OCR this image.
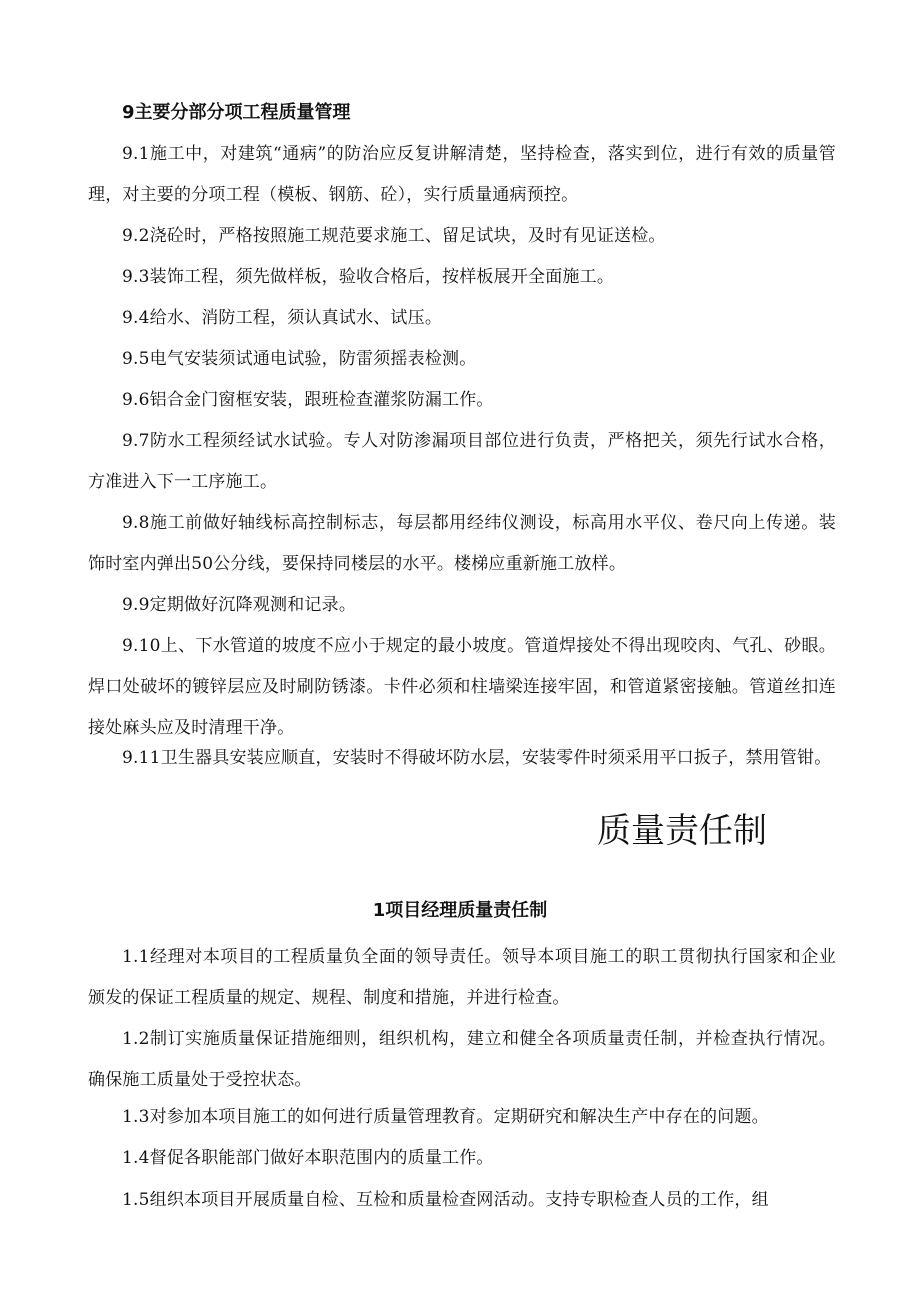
9主要分部分项工程质量管理
9.1施工中，对建筑“通病”的防治应反复讲解清楚，坚持检查，落实到位，进行有效的质量管理，对主要的分项工程（模板、钢筋、砼），实行质量通病预控。
9.2浇砼时，严格按照施工规范要求施工、留足试块，及时有见证送检。
9.3装饰工程，须先做样板，验收合格后，按样板展开全面施工。
9.4给水、消防工程，须认真试水、试压。
9.5电气安装须试通电试验，防雷须摇表检测。
9.6铝合金门窗框安装，跟班检查灌浆防漏工作。
9.7防水工程须经试水试验。专人对防渗漏项目部位进行负责，严格把关，须先行试水合格，方准进入下一工序施工。
9.8施工前做好轴线标高控制标志，每层都用经纬仪测设，标高用水平仪、卷尺向上传递。装饰时室内弹出50公分线，要保持同楼层的水平。楼梯应重新施工放样。
9.9定期做好沉降观测和记录。
9.10上、下水管道的坡度不应小于规定的最小坡度。管道焊接处不得出现咬肉、气孔、砂眼。焊口处破坏的镀锌层应及时刷防锈漆。卡件必须和柱墙梁连接牢固，和管道紧密接触。管道丝扣连接处麻头应及时清理干净。
9.11卫生器具安装应顺直，安装时不得破坏防水层，安装零件时须采用平口扳子，禁用管钳。
质量责任制
1项目经理质量责任制
1.1经理对本项目的工程质量负全面的领导责任。领导本项目施工的职工贯彻执行国家和企业颁发的保证工程质量的规定、规程、制度和措施，并进行检查。
1.2制订实施质量保证措施细则，组织机构，建立和健全各项质量责任制，并检查执行情况。确保施工质量处于受控状态。
1.3对参加本项目施工的如何进行质量管理教育。定期研究和解决生产中存在的问题。
1.4督促各职能部门做好本职范围内的质量工作。
1.5组织本项目开展质量自检、互检和质量检查网活动。支持专职检查人员的工作，组
